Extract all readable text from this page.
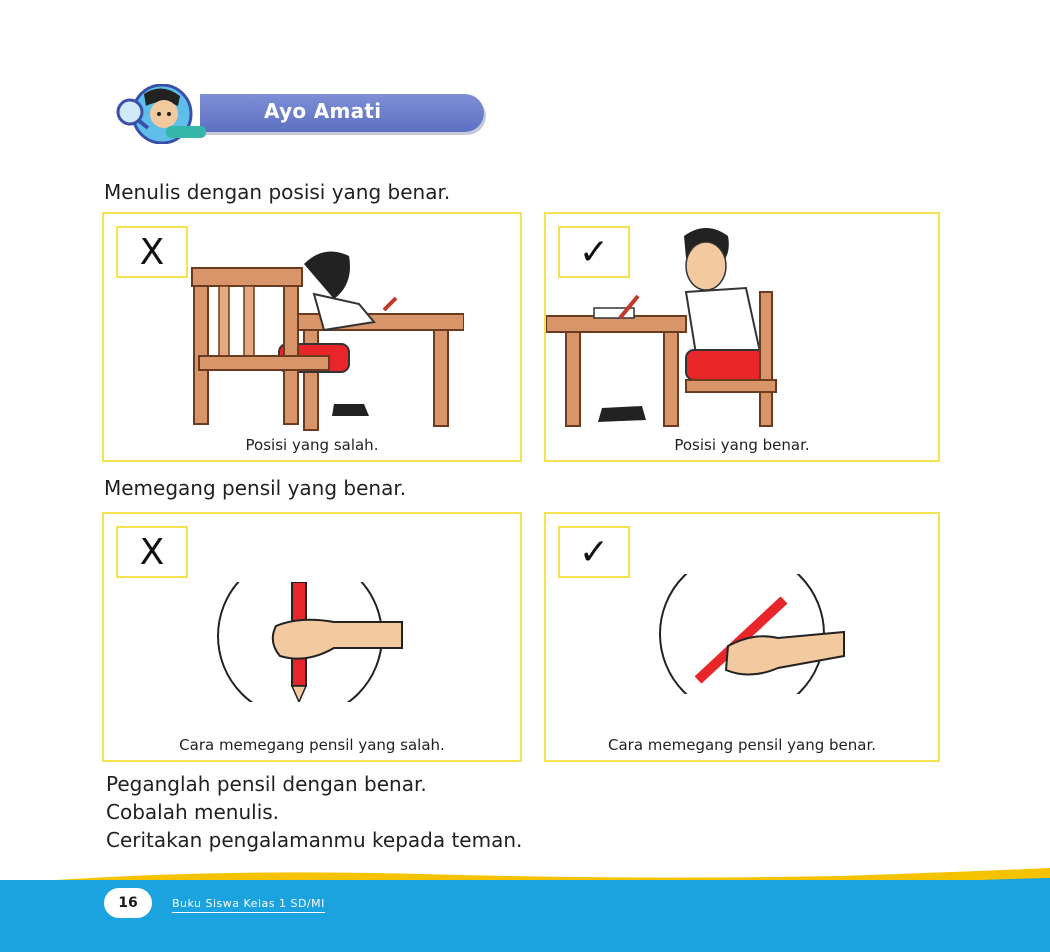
Ayo Amati
Menulis dengan posisi yang benar.
X
Posisi yang salah.
✓
Posisi yang benar.
Memegang pensil yang benar.
X
Cara memegang pensil yang salah.
✓
Cara memegang pensil yang benar.
Peganglah pensil dengan benar.
Cobalah menulis.
Ceritakan pengalamanmu kepada teman.
16	Buku Siswa Kelas 1 SD/MI
